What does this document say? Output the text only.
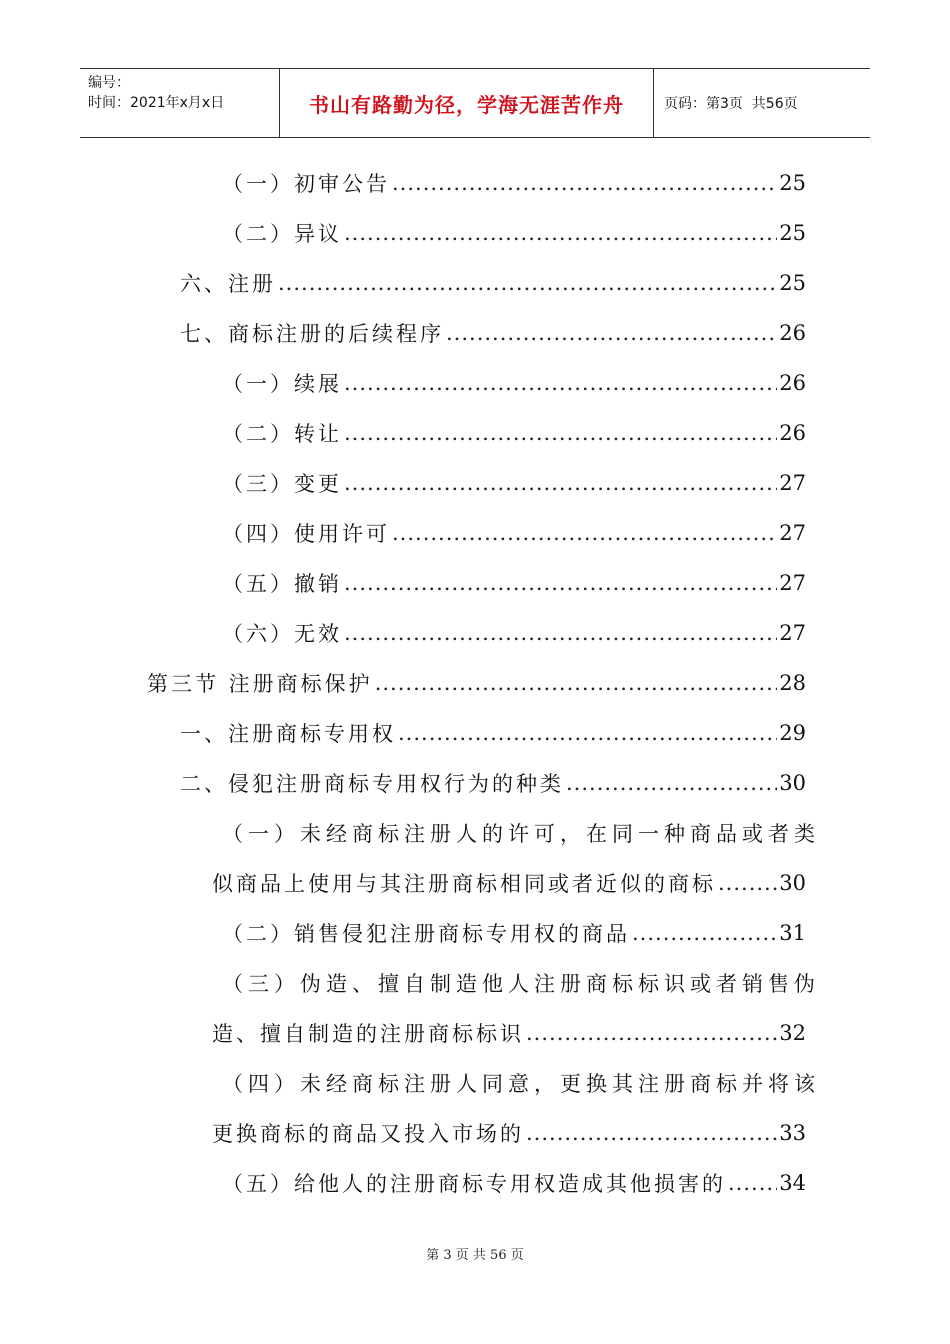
编号：
时间：2021年x月x日	书山有路勤为径，学海无涯苦作舟	页码：第3页  共56页
（一）初审公告 .....	25
（二）异议 .....	25
六、注册 .....	25
七、商标注册的后续程序 .....	26
（一）续展 .....	26
（二）转让 .....	26
（三）变更 .....	27
（四）使用许可 .....	27
（五）撤销 .....	27
（六）无效 .....	27
第三节 注册商标保护 .....	28
一、注册商标专用权 .....	29
二、侵犯注册商标专用权行为的种类 .....	30
（一）未经商标注册人的许可，在同一种商品或者类
似商品上使用与其注册商标相同或者近似的商标 .....	30
（二）销售侵犯注册商标专用权的商品 .....	31
（三）伪造、擅自制造他人注册商标标识或者销售伪
造、擅自制造的注册商标标识 .....	32
（四）未经商标注册人同意，更换其注册商标并将该
更换商标的商品又投入市场的 .....	33
（五）给他人的注册商标专用权造成其他损害的 .....	34
第 3 页 共 56 页
